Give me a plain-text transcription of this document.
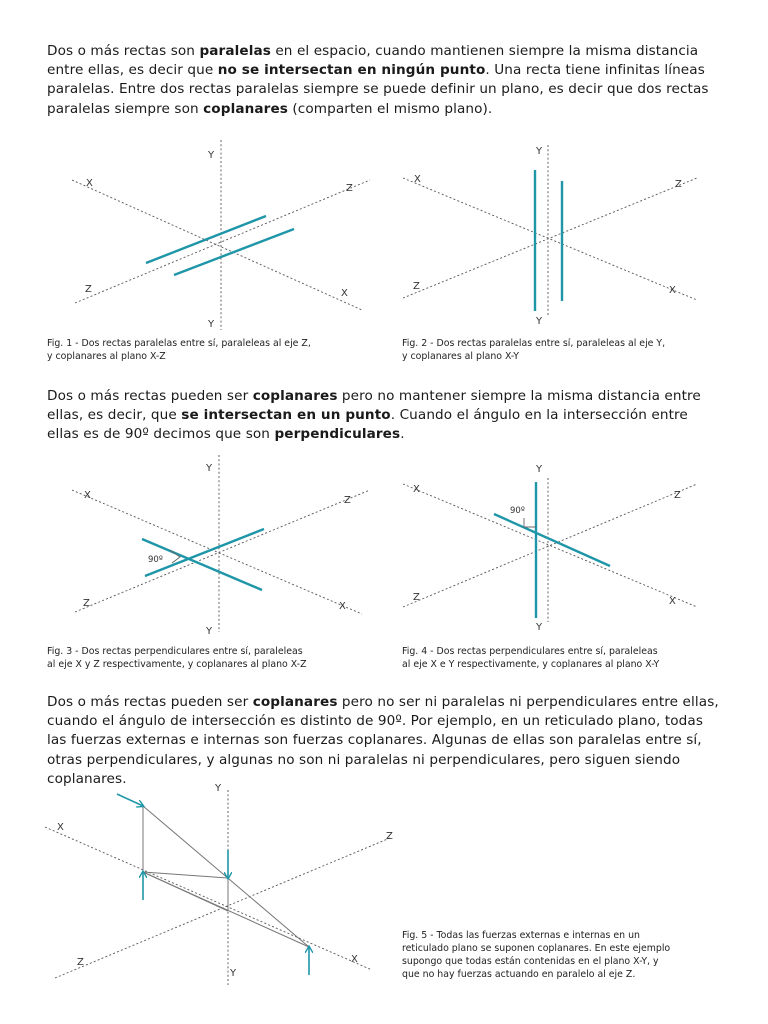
Dos o más rectas son paralelas en el espacio, cuando mantienen siempre la misma distancia entre ellas, es decir que no se intersectan en ningún punto. Una recta tiene infinitas líneas paralelas. Entre dos rectas paralelas siempre se puede definir un plano, es decir que dos rectas paralelas siempre son coplanares (comparten el mismo plano).
X	Z
Z	X
Y
Y
Fig. 1 - Dos rectas paralelas entre sí, paraleleas al eje Z,
y coplanares al plano X-Z
X	Z
Z	X
Y
Y
Fig. 2 - Dos rectas paralelas entre sí, paraleleas al eje Y,
y coplanares al plano X-Y
Dos o más rectas pueden ser coplanares pero no mantener siempre la misma distancia entre ellas, es decir, que se intersectan en un punto. Cuando el ángulo en la intersección entre ellas es de 90º decimos que son perpendiculares.
X	Z
Z	X
Y
Y
90º
Fig. 3 - Dos rectas perpendiculares entre sí, paraleleas
al eje X y Z respectivamente, y coplanares al plano X-Z
X
Z
Z	X
Y
Y
90º
Fig. 4 - Dos rectas perpendiculares entre sí, paraleleas
al eje X e Y respectivamente, y coplanares al plano X-Y
Dos o más rectas pueden ser coplanares pero no ser ni paralelas ni perpendiculares entre ellas, cuando el ángulo de intersección es distinto de 90º. Por ejemplo, en un reticulado plano, todas las fuerzas externas e internas son fuerzas coplanares. Algunas de ellas son paralelas entre sí, otras perpendiculares, y algunas no son ni paralelas ni perpendiculares, pero siguen siendo coplanares.
X
Z
Z	X
Y
Y
Fig. 5 - Todas las fuerzas externas e internas en un
reticulado plano se suponen coplanares. En este ejemplo
supongo que todas están contenidas en el plano X-Y, y
que no hay fuerzas actuando en paralelo al eje Z.
